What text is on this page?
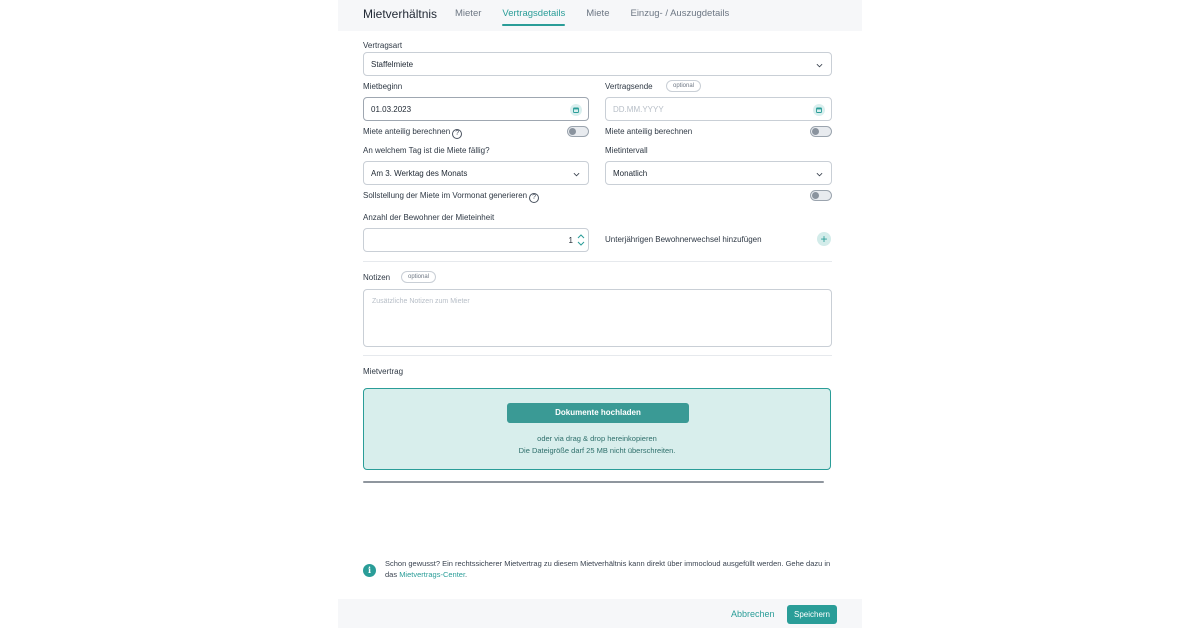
Mietverhältnis Mieter Vertragsdetails Miete Einzug- / Auszugdetails
Vertragsart
Staffelmiete
Mietbeginn	Vertragsende	optional
01.03.2023	DD.MM.YYYY
Miete anteilig berechnen ?	Miete anteilig berechnen
An welchem Tag ist die Miete fällig?	Mietintervall
Am 3. Werktag des Monats	Monatlich
Sollstellung der Miete im Vormonat generieren ?
Anzahl der Bewohner der Mieteinheit
1	Unterjährigen Bewohnerwechsel hinzufügen	+
Notizen	optional
Zusätzliche Notizen zum Mieter
Mietvertrag
Dokumente hochladen
oder via drag & drop hereinkopieren
Die Dateigröße darf 25 MB nicht überschreiten.
i
Schon gewusst? Ein rechtssicherer Mietvertrag zu diesem Mietverhältnis kann direkt über immocloud ausgefüllt werden. Gehe dazu in das Mietvertrags-Center.
Abbrechen	Speichern
